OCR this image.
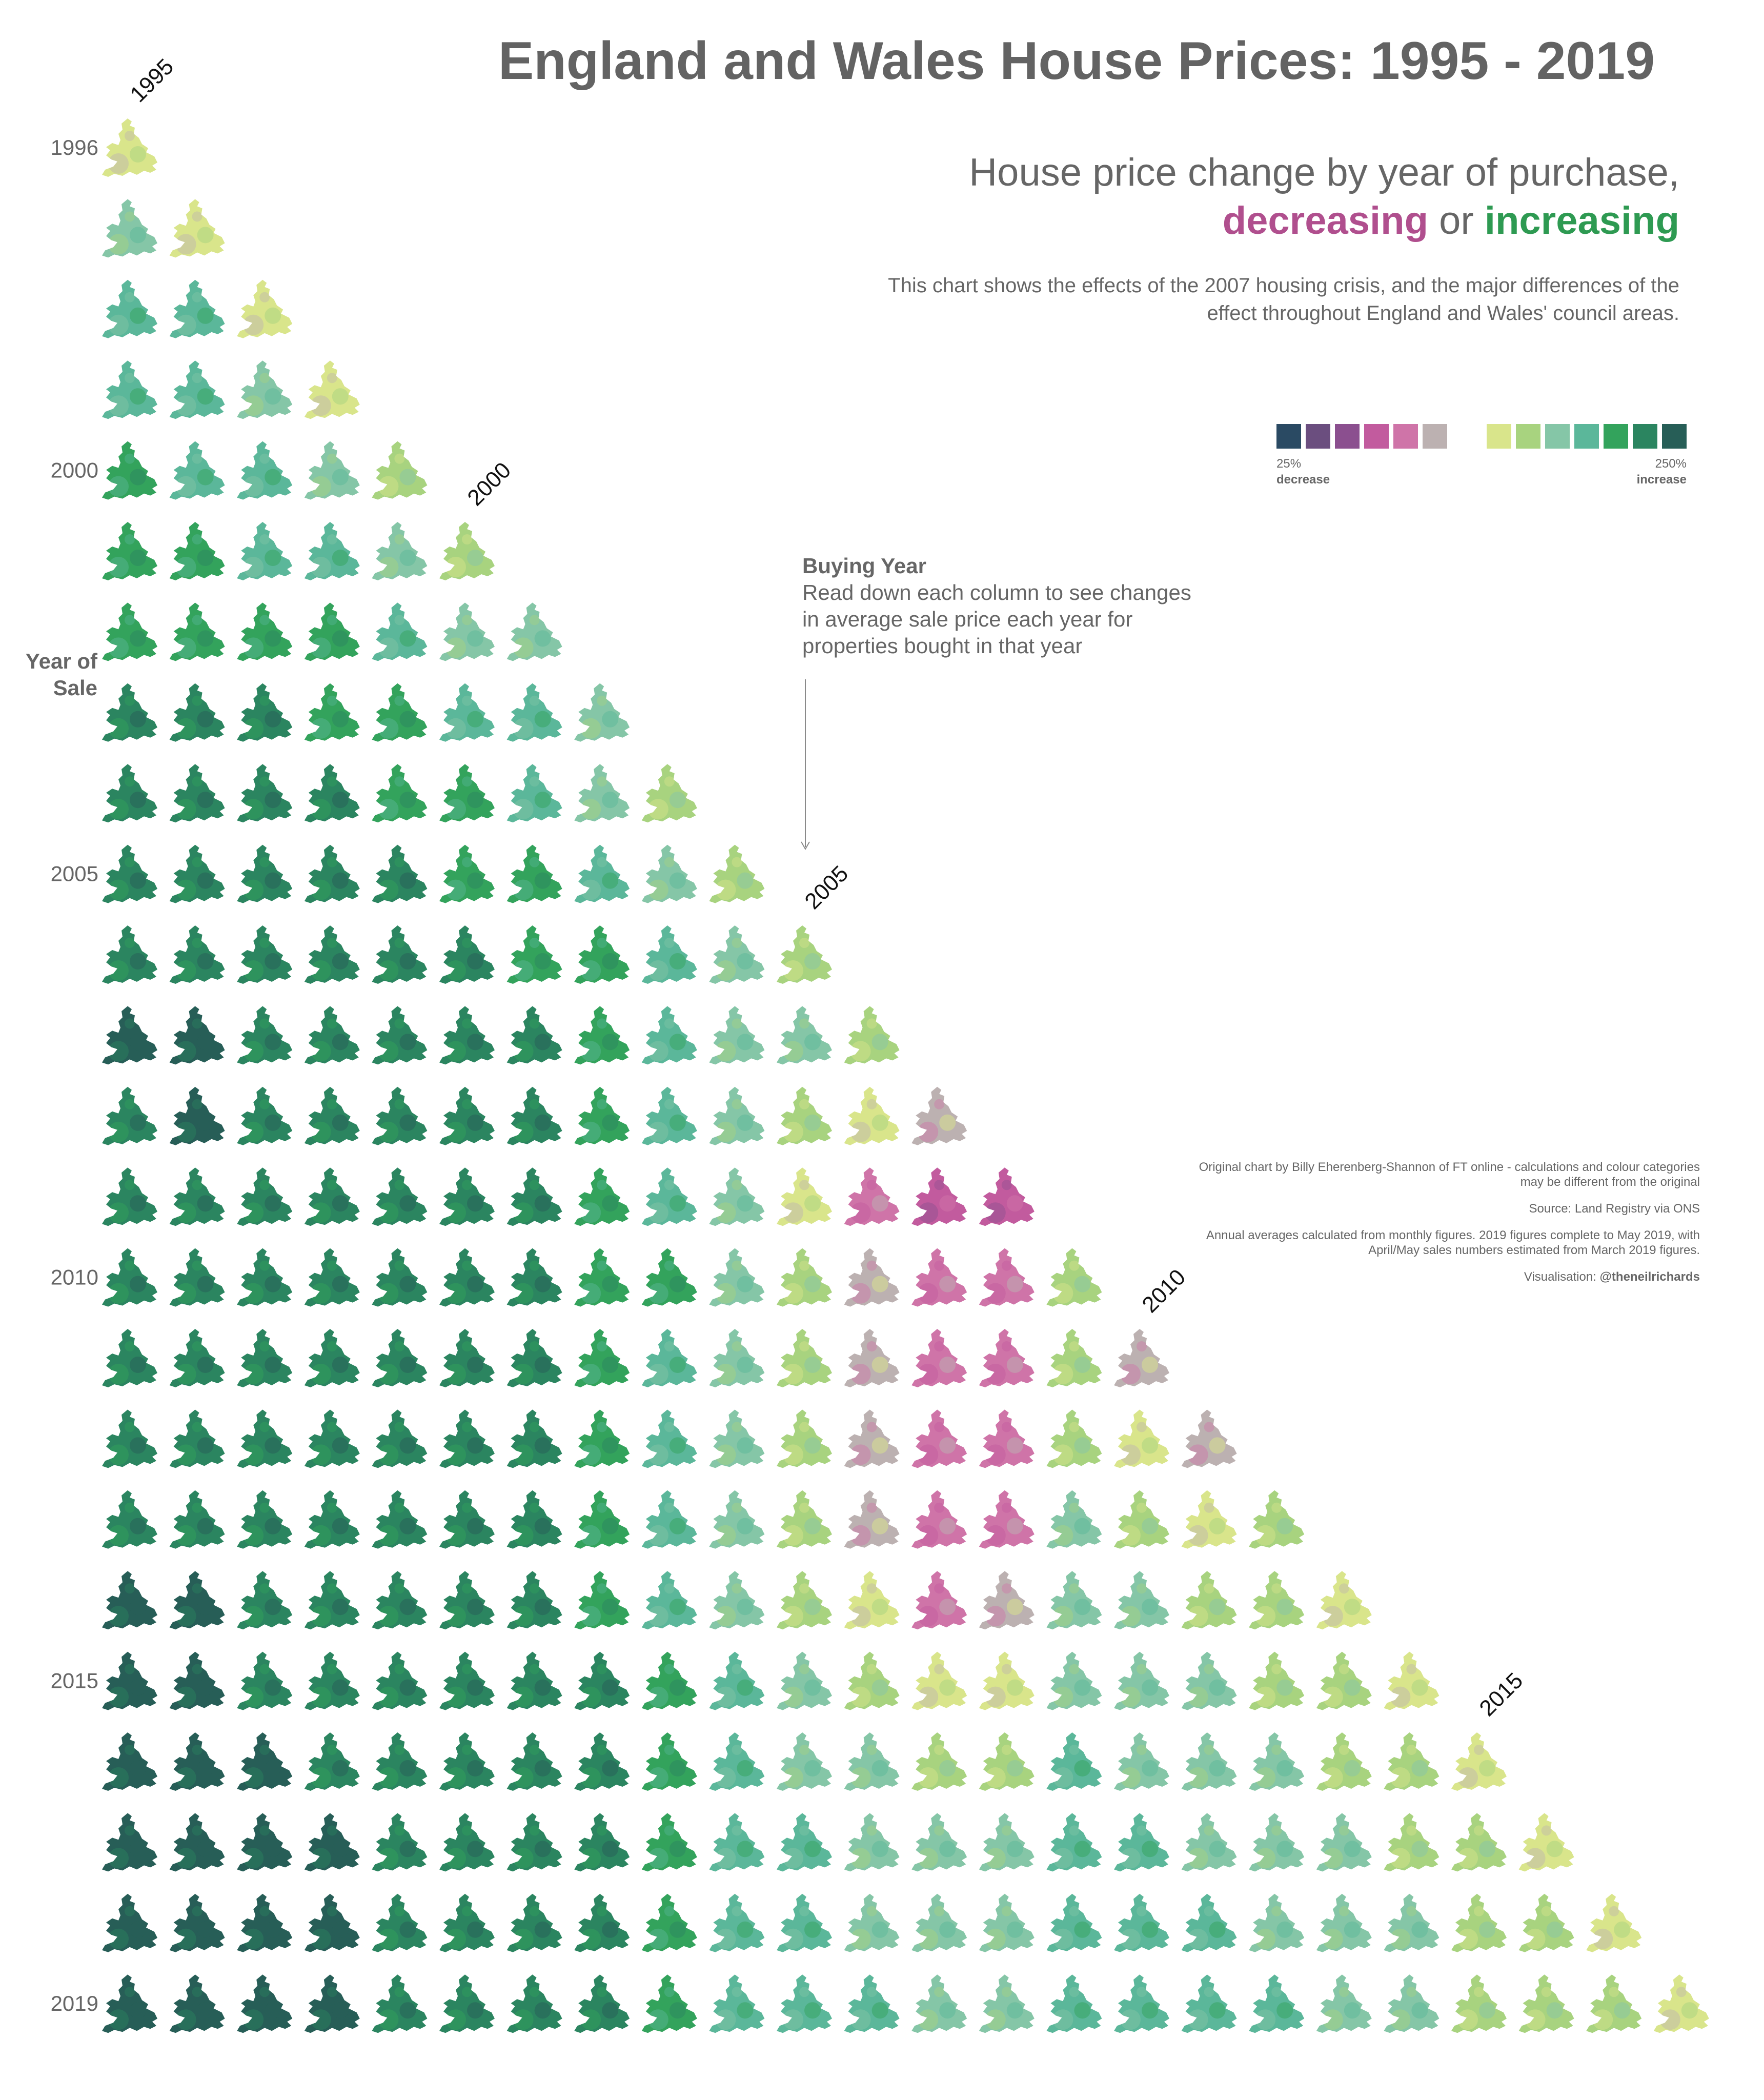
England and Wales House Prices: 1995 - 2019
House price change by year of purchase,
decreasing or increasing
This chart shows the effects of the 2007 housing crisis, and the major differences of the effect throughout England and Wales' council areas.
Buying Year
Read down each column to see changes in average sale price each year for properties bought in that year
Year of Sale

Original chart by Billy Eherenberg-Shannon of FT online - calculations and colour categories may be different from the original

Source: Land Registry via ONS

Annual averages calculated from monthly figures. 2019 figures complete to May 2019, with April/May sales numbers estimated from March 2019 figures.

Visualisation: @theneilrichards

25%
decrease
250%
increase
1996
2000
2005
2010
2015
2019
1995
2000
2005
2010
2015
